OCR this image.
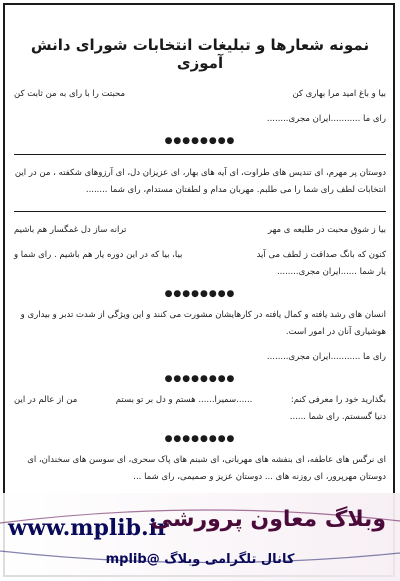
نمونه شعارها و تبلیغات انتخابات شورای دانش آموزی
بیا و باغ امید مرا بهاری کن
محبتت را با رای به من ثابت کن

رای ما ...........ایران مجری........

●●●●●●●●

دوستان پر مهرم، ای تندیس های طراوت، ای آیه های بهار، ای عزیزان دل، ای آرزوهای شکفته ، من در این انتخابات لطف رای شما را می طلبم. مهربان مدام و لطفتان مستدام، رای شما ........

بیا ز شوق محبت در طلیعه ی مهر
ترانه ساز دل غمگسار هم باشیم
کنون که بانگ صداقت ز لطف می آید
بیا، بیا که در این دوره یار هم باشیم . رای شما و

یار شما ......ایران مجری........

●●●●●●●●

انسان های رشد یافته و کمال یافته در کارهایشان مشورت می کنند و این ویژگی از شدت تدبر و بیداری و هوشیاری آنان در امور است.

رای ما ...........ایران مجری........

●●●●●●●●
بگذارید خود را معرفی کنم:
......سمیرا...... هستم و دل بر تو بستم
من از عالم در این

دنیا گسستم. رای شما ......

●●●●●●●●

ای نرگس های عاطفه، ای بنفشه های مهربانی، ای شبنم های پاک سحری، ای سوسن های سخندان، ای دوستان مهرپرور، ای روزنه های ... دوستان عزیز و صمیمی، رای شما ...

www.mplib.ir
وبلاگ معاون پرورشی
کانال تلگرامی وبلاگ @mplib
